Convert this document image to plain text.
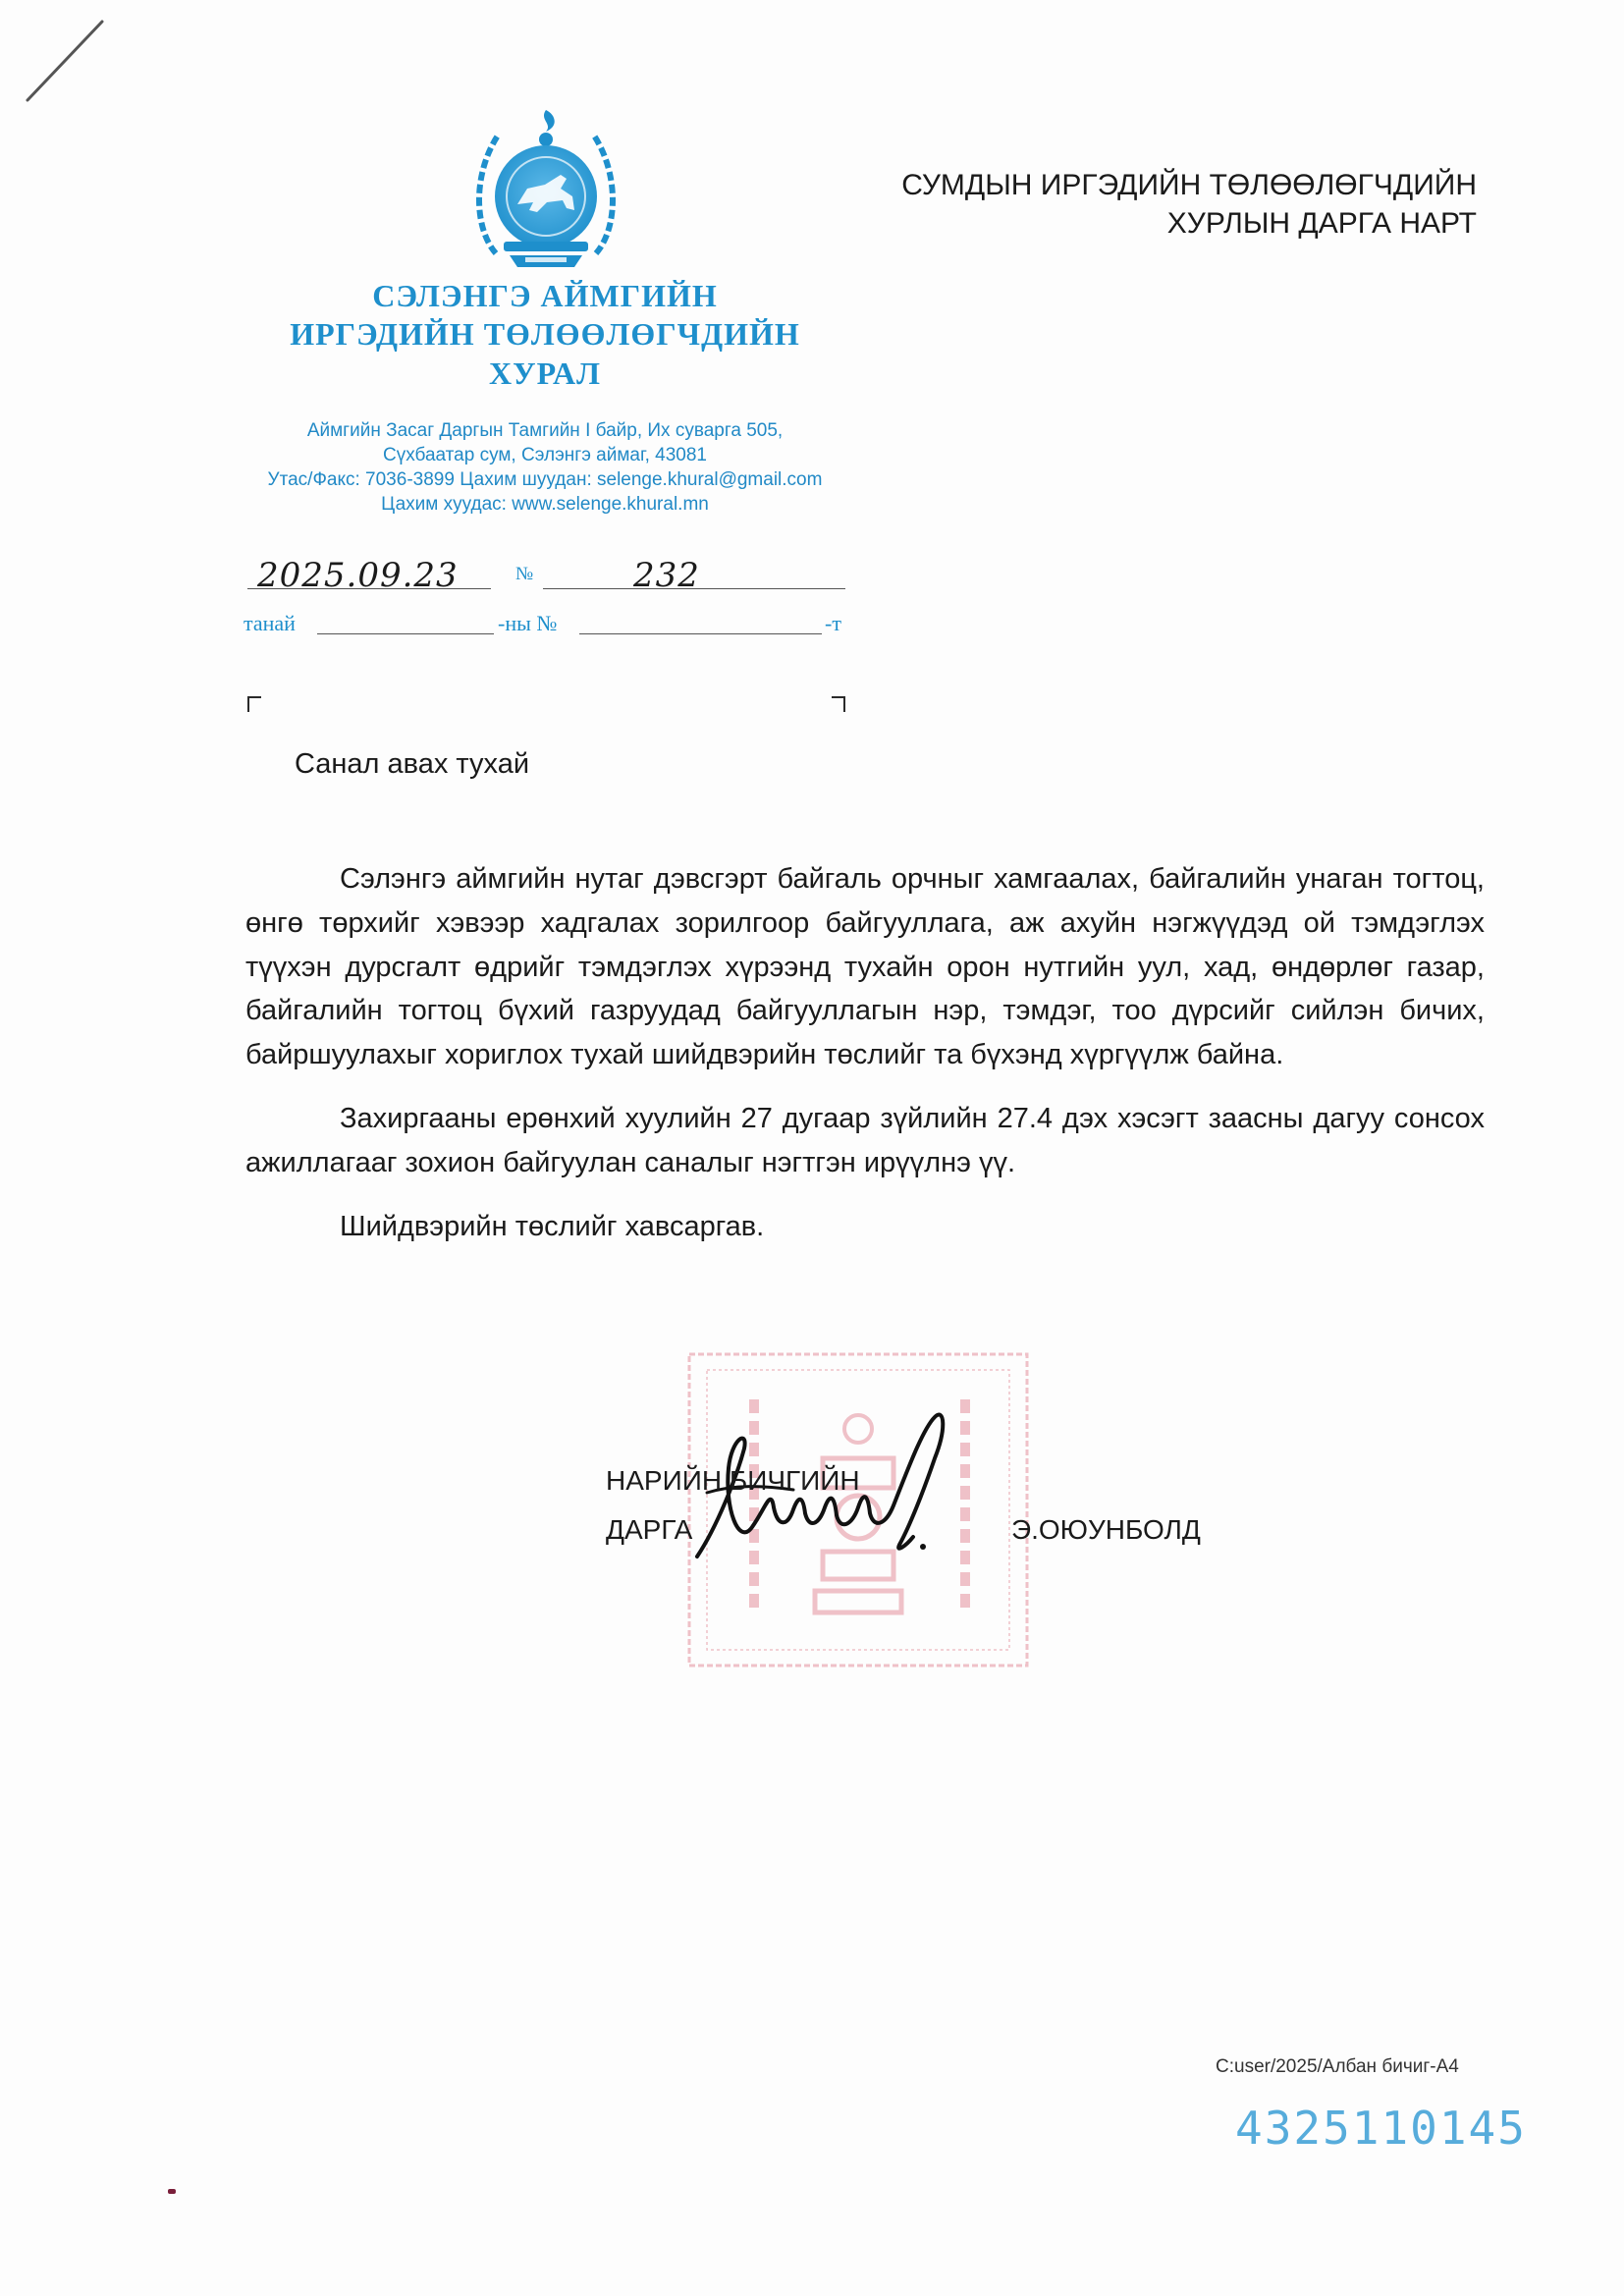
СЭЛЭНГЭ АЙМГИЙН
ИРГЭДИЙН ТӨЛӨӨЛӨГЧДИЙН
ХУРАЛ
Аймгийн Засаг Даргын Тамгийн I байр, Их суварга 505,
Сүхбаатар сум, Сэлэнгэ аймаг, 43081
Утас/Факс: 7036-3899 Цахим шуудан: selenge.khural@gmail.com
Цахим хуудас: www.selenge.khural.mn
СУМДЫН ИРГЭДИЙН ТӨЛӨӨЛӨГЧДИЙН
ХУРЛЫН ДАРГА НАРТ
2025.09.23	№	232
танай	-ны №	-т
Санал авах тухай

Сэлэнгэ аймгийн нутаг дэвсгэрт байгаль орчныг хамгаалах, байгалийн унаган тогтоц, өнгө төрхийг хэвээр хадгалах зорилгоор байгууллага, аж ахуйн нэгжүүдэд ой тэмдэглэх түүхэн дурсгалт өдрийг тэмдэглэх хүрээнд тухайн орон нутгийн уул, хад, өндөрлөг газар, байгалийн тогтоц бүхий газруудад байгууллагын нэр, тэмдэг, тоо дүрсийг сийлэн бичих, байршуулахыг хориглох тухай шийдвэрийн төслийг та бүхэнд хүргүүлж байна.

Захиргааны ерөнхий хуулийн 27 дугаар зүйлийн 27.4 дэх хэсэгт заасны дагуу сонсох ажиллагааг зохион байгуулан саналыг нэгтгэн ирүүлнэ үү.

Шийдвэрийн төслийг хавсаргав.

НАРИЙН БИЧГИЙН
ДАРГА	Э.ОЮУНБОЛД
C:user/2025/Албан бичиг-А4
4325110145
